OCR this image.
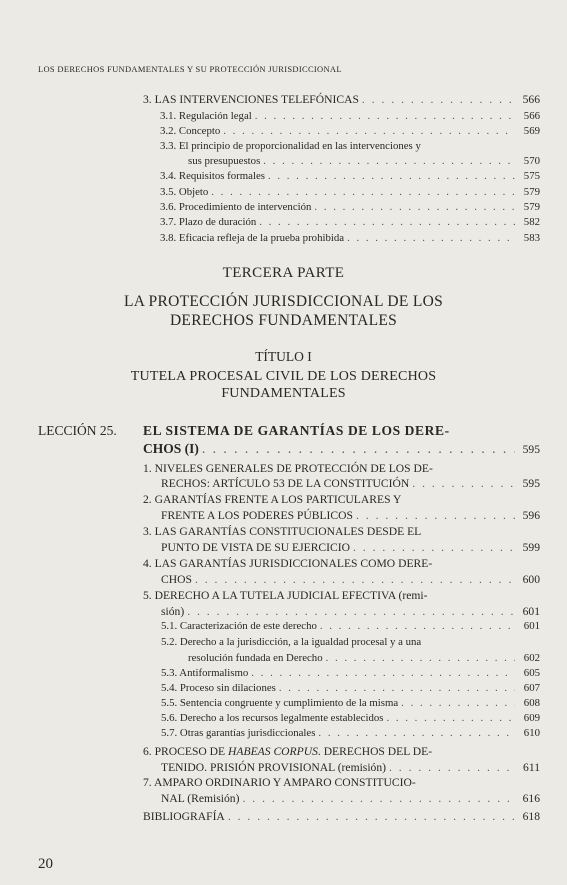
LOS DERECHOS FUNDAMENTALES Y SU PROTECCIÓN JURISDICCIONAL
3. LAS INTERVENCIONES TELEFÓNICAS . . .	566
3.1. Regulación legal . . .	566
3.2. Concepto . . .	569
3.3. El principio de proporcionalidad en las intervenciones y
sus presupuestos . . .	570
3.4. Requisitos formales . . .	575
3.5. Objeto . . .	579
3.6. Procedimiento de intervención . . .	579
3.7. Plazo de duración . . .	582
3.8. Eficacia refleja de la prueba prohibida . . .	583
TERCERA PARTE
LA PROTECCIÓN JURISDICCIONAL DE LOS
DERECHOS FUNDAMENTALES
TÍTULO I
TUTELA PROCESAL CIVIL DE LOS DERECHOS
FUNDAMENTALES
LECCIÓN 25. EL SISTEMA DE GARANTÍAS DE LOS DERE-
CHOS (I) . . .	595
1. NIVELES GENERALES DE PROTECCIÓN DE LOS DE-
RECHOS: ARTÍCULO 53 DE LA CONSTITUCIÓN . . .	595
2. GARANTÍAS FRENTE A LOS PARTICULARES Y
FRENTE A LOS PODERES PÚBLICOS . . .	596
3. LAS GARANTÍAS CONSTITUCIONALES DESDE EL
PUNTO DE VISTA DE SU EJERCICIO . . .	599
4. LAS GARANTÍAS JURISDICCIONALES COMO DERE-
CHOS . . .	600
5. DERECHO A LA TUTELA JUDICIAL EFECTIVA (remi-
sión) . . .	601
5.1. Caracterización de este derecho . . .	601
5.2. Derecho a la jurisdicción, a la igualdad procesal y a una
resolución fundada en Derecho . . .	602
5.3. Antiformalismo . . .	605
5.4. Proceso sin dilaciones . . .	607
5.5. Sentencia congruente y cumplimiento de la misma . . .	608
5.6. Derecho a los recursos legalmente establecidos . . .	609
5.7. Otras garantías jurisdiccionales . . .	610
6. PROCESO DE HABEAS CORPUS. DERECHOS DEL DE-
TENIDO. PRISIÓN PROVISIONAL (remisión) . . .	611
7. AMPARO ORDINARIO Y AMPARO CONSTITUCIO-
NAL (Remisión) . . .	616
BIBLIOGRAFÍA . . .	618
20
